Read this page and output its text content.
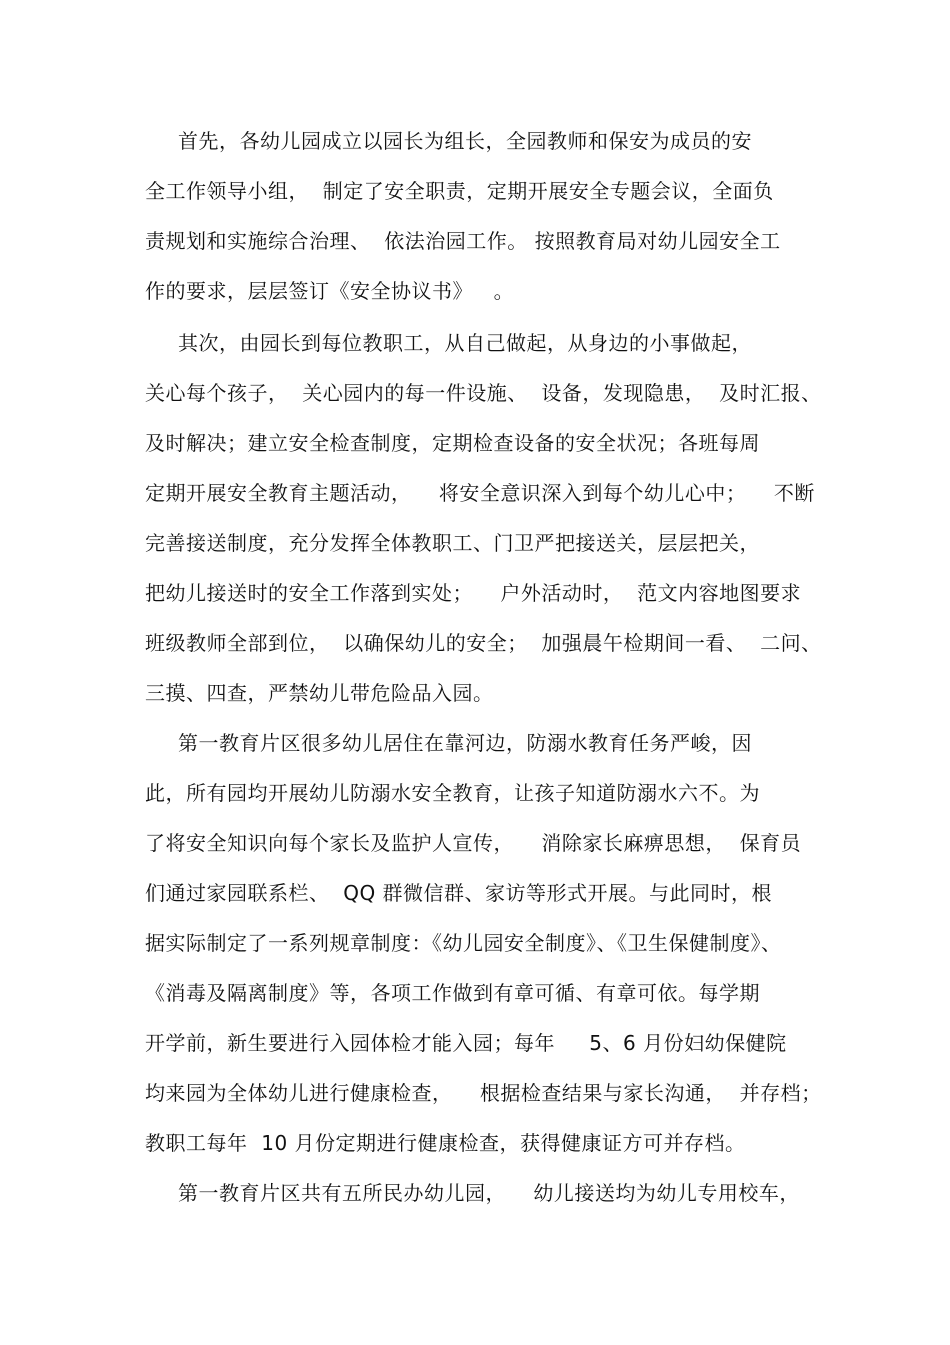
首先，各幼儿园成立以园长为组长，全园教师和保安为成员的安
全工作领导小组，  制定了安全职责，定期开展安全专题会议，全面负
责规划和实施综合治理、  依法治园工作。 按照教育局对幼儿园安全工
作的要求，层层签订《安全协议书》   。
其次，由园长到每位教职工，从自己做起，从身边的小事做起，
关心每个孩子，  关心园内的每一件设施、  设备，发现隐患，  及时汇报、
及时解决；建立安全检查制度，定期检查设备的安全状况；各班每周
定期开展安全教育主题活动，    将安全意识深入到每个幼儿心中；    不断
完善接送制度，充分发挥全体教职工、门卫严把接送关，层层把关，
把幼儿接送时的安全工作落到实处；    户外活动时，  范文内容地图要求
班级教师全部到位，  以确保幼儿的安全；  加强晨午检期间一看、  二问、
三摸、四查，严禁幼儿带危险品入园。
第一教育片区很多幼儿居住在靠河边，防溺水教育任务严峻，因
此，所有园均开展幼儿防溺水安全教育，让孩子知道防溺水六不。为
了将安全知识向每个家长及监护人宣传，    消除家长麻痹思想，  保育员
们通过家园联系栏、  QQ 群微信群、家访等形式开展。与此同时，根
据实际制定了一系列规章制度：《幼儿园安全制度》、《卫生保健制度》、
《消毒及隔离制度》等，各项工作做到有章可循、有章可依。每学期
开学前，新生要进行入园体检才能入园；每年     5、6 月份妇幼保健院
均来园为全体幼儿进行健康检查，    根据检查结果与家长沟通，  并存档；
教职工每年  10 月份定期进行健康检查，获得健康证方可并存档。
第一教育片区共有五所民办幼儿园，    幼儿接送均为幼儿专用校车，
